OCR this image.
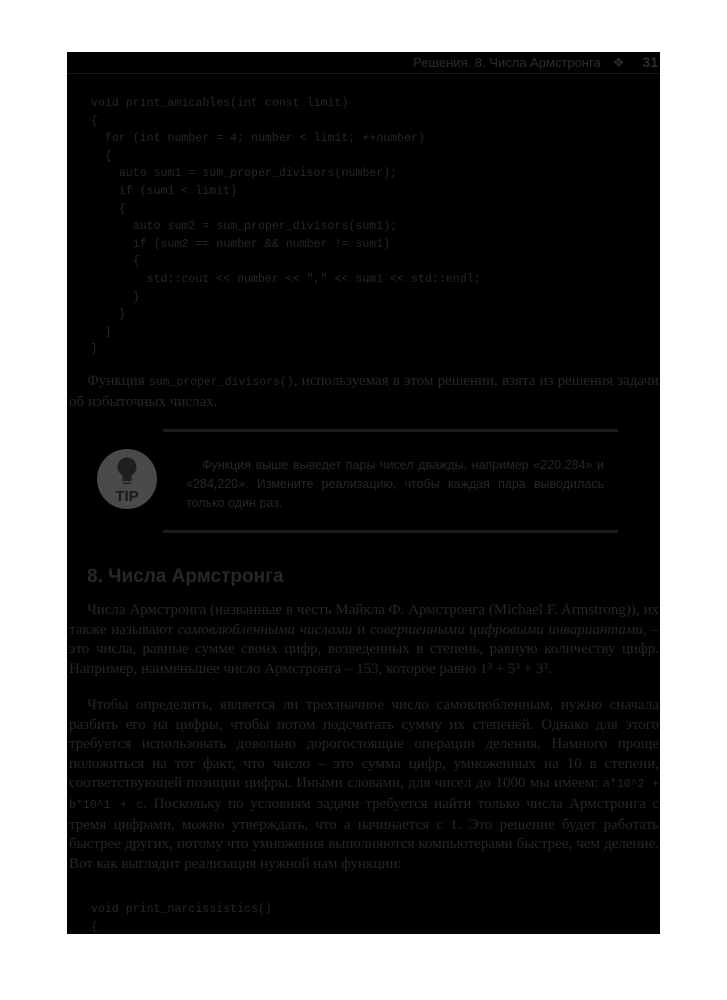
Решения. 8. Числа Армстронга ❖ 31
void print_amicables(int const limit)
{
for (int number = 4; number < limit; ++number)
{
auto sum1 = sum_proper_divisors(number);
if (sum1 < limit)
{
auto sum2 = sum_proper_divisors(sum1);
if (sum2 == number && number != sum1)
{
std::cout << number << "," << sum1 << std::endl;
}
}
}
}

Функция sum_proper_divisors(), используемая в этом решении, взята из решения задачи об избыточных числах.

TIP

Функция выше выведет пары чисел дважды, например «220,284» и «284,220». Измените реализацию, чтобы каждая пара выводилась только один раз.

8. Числа Армстронга

Числа Армстронга (названные в честь Майкла Ф. Армстронга (Michael F. Armstrong)), их также называют самовлюбленными числами и совершенными цифровыми инвариантами, – это числа, равные сумме своих цифр, возведенных в степень, равную количеству цифр. Например, наименьшее число Армстронга – 153, которое равно 1³ + 5³ + 3³.

Чтобы определить, является ли трехзначное число самовлюбленным, нужно сначала разбить его на цифры, чтобы потом подсчитать сумму их степеней. Однако для этого требуется использовать довольно дорогостоящие операции деления. Намного проще положиться на тот факт, что число – это сумма цифр, умноженных на 10 в степени, соответствующей позиции цифры. Иными словами, для чисел до 1000 мы имеем: a*10^2 + b*10^1 + c. Поскольку по условиям задачи требуется найти только числа Армстронга с тремя цифрами, можно утверждать, что a начинается с 1. Это решение будет работать быстрее других, потому что умножения выполняются компьютерами быстрее, чем деление. Вот как выглядит реализация нужной нам функции:

void print_narcissistics()
{
